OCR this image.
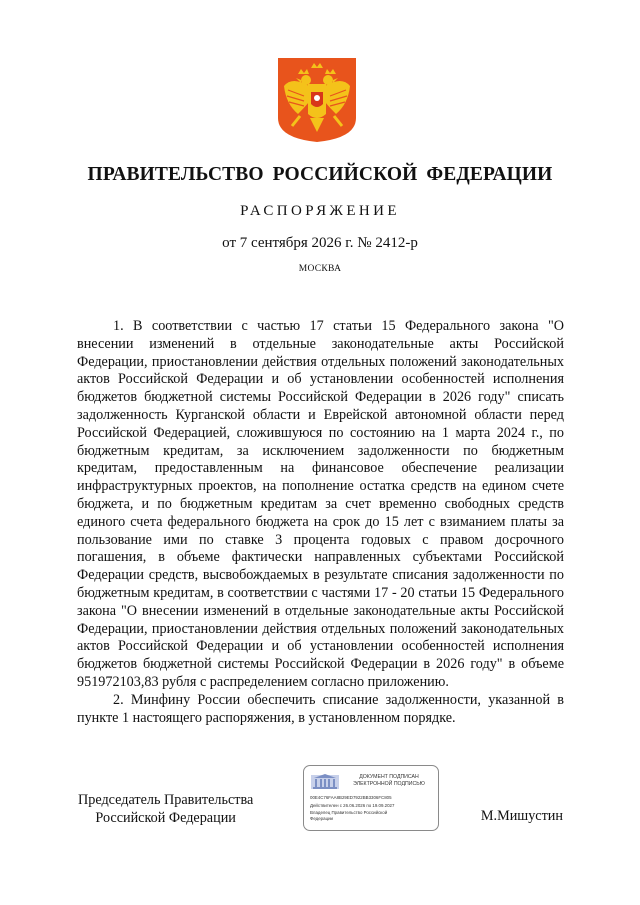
ПРАВИТЕЛЬСТВО РОССИЙСКОЙ ФЕДЕРАЦИИ
РАСПОРЯЖЕНИЕ
от 7 сентября 2026 г. № 2412-р
МОСКВА

1. В соответствии с частью 17 статьи 15 Федерального закона "О внесении изменений в отдельные законодательные акты Российской Федерации, приостановлении действия отдельных положений законодательных актов Российской Федерации и об установлении особенностей исполнения бюджетов бюджетной системы Российской Федерации в 2026 году" списать задолженность Курганской области и Еврейской автономной области перед Российской Федерацией, сложившуюся по состоянию на 1 марта 2024 г., по бюджетным кредитам, за исключением задолженности по бюджетным кредитам, предоставленным на финансовое обеспечение реализации инфраструктурных проектов, на пополнение остатка средств на едином счете бюджета, и по бюджетным кредитам за счет временно свободных средств единого счета федерального бюджета на срок до 15 лет с взиманием платы за пользование ими по ставке 3 процента годовых с правом досрочного погашения, в объеме фактически направленных субъектами Российской Федерации средств, высвобождаемых в результате списания задолженности по бюджетным кредитам, в соответствии с частями 17 - 20 статьи 15 Федерального закона "О внесении изменений в отдельные законодательные акты Российской Федерации, приостановлении действия отдельных положений законодательных актов Российской Федерации и об установлении особенностей исполнения бюджетов бюджетной системы Российской Федерации в 2026 году" в объеме 951972103,83 рубля с распределением согласно приложению.

2. Минфину России обеспечить списание задолженности, указанной в пункте 1 настоящего распоряжения, в установленном порядке.

Председатель Правительства
Российской Федерации
ДОКУМЕНТ ПОДПИСАН
ЭЛЕКТРОННОЙ ПОДПИСЬЮ
00E4C76FAA8B29ED7922BB3306FC805
Действителен с 26.06.2026 по 19.09.2027
Владелец Правительство Российской
Федерации	М.Мишустин
